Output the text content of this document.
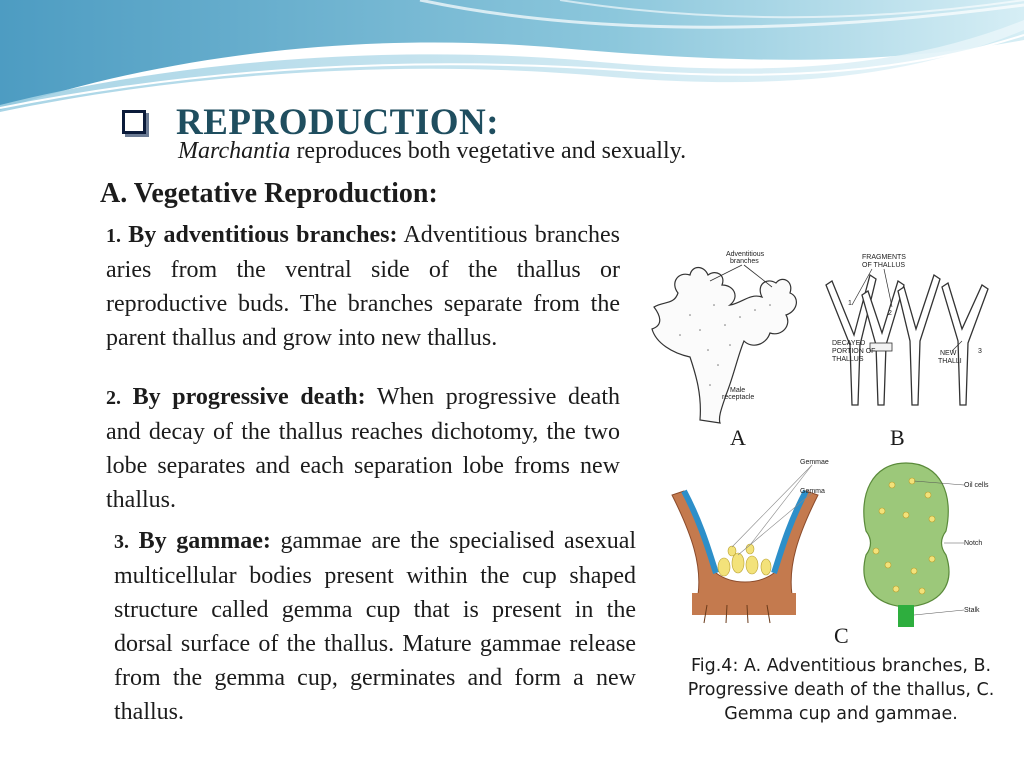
REPRODUCTION:
Marchantia reproduces both vegetative and sexually.
A. Vegetative Reproduction:
1. By adventitious branches: Adventitious branches aries from the ventral side of the thallus or reproductive buds. The branches separate from the parent thallus and grow into new thallus.
2. By progressive death: When progressive death and decay of the thallus reaches dichotomy, the two lobe separates and each separation lobe froms new thallus.
3. By gammae: gammae are the specialised asexual multicellular bodies present within the cup shaped structure called gemma cup that is present in the dorsal surface of the thallus. Mature gammae release from the gemma cup, germinates and form a new thallus.
Adventitious
branches
Male
receptacle
FRAGMENTS
OF THALLUS
DECAYED
PORTION OF
THALLUS
NEW
THALLI
1
2
3
Gemmae
Gemma
Oil cells
Notch
Stalk
A	B
C
Fig.4: A. Adventitious branches, B. Progressive death of the thallus, C. Gemma cup and gammae.
